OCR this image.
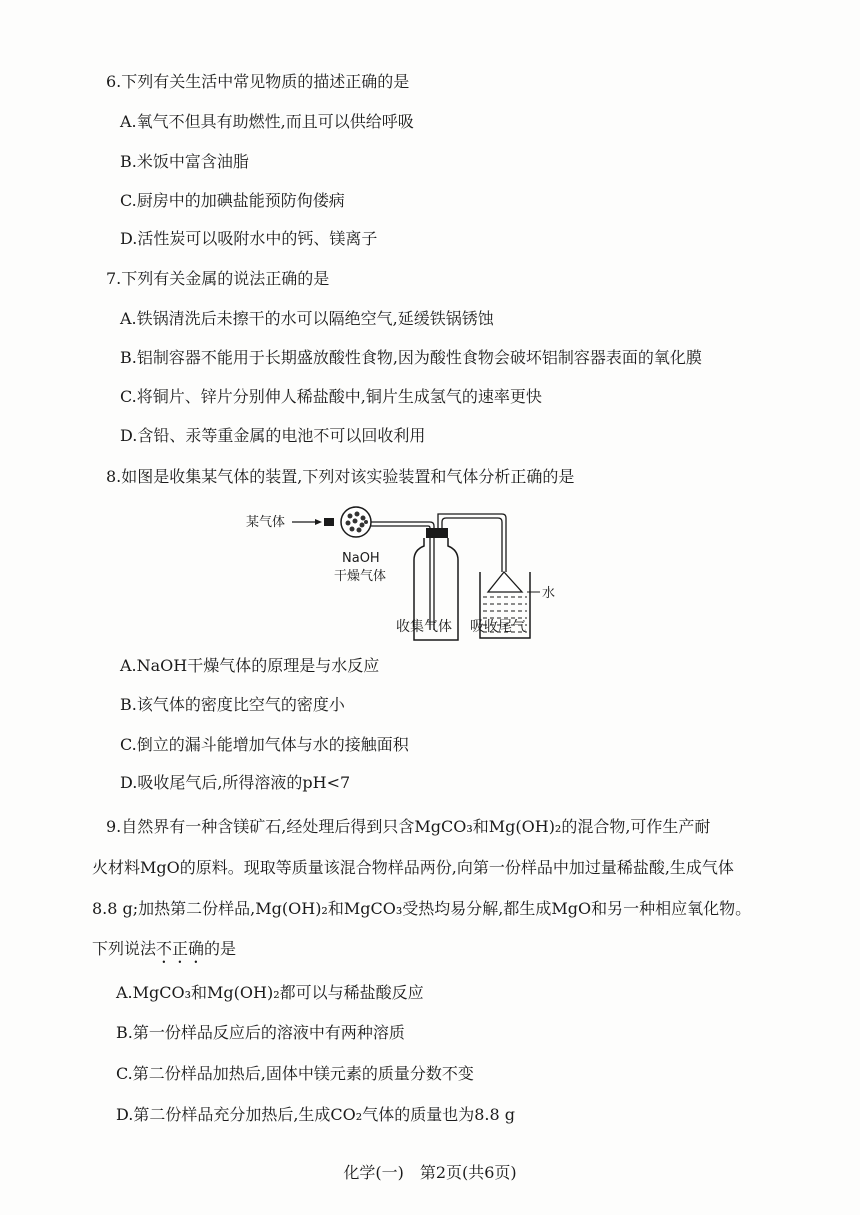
6.下列有关生活中常见物质的描述正确的是
A.氧气不但具有助燃性,而且可以供给呼吸
B.米饭中富含油脂
C.厨房中的加碘盐能预防佝偻病
D.活性炭可以吸附水中的钙、镁离子
7.下列有关金属的说法正确的是
A.铁锅清洗后未擦干的水可以隔绝空气,延缓铁锅锈蚀
B.铝制容器不能用于长期盛放酸性食物,因为酸性食物会破坏铝制容器表面的氧化膜
C.将铜片、锌片分别伸人稀盐酸中,铜片生成氢气的速率更快
D.含铅、汞等重金属的电池不可以回收利用
8.如图是收集某气体的装置,下列对该实验装置和气体分析正确的是
某气体
NaOH
干燥气体
水
收集气体 吸收尾气
A.NaOH干燥气体的原理是与水反应
B.该气体的密度比空气的密度小
C.倒立的漏斗能增加气体与水的接触面积
D.吸收尾气后,所得溶液的pH<7
9.自然界有一种含镁矿石,经处理后得到只含MgCO₃和Mg(OH)₂的混合物,可作生产耐
火材料MgO的原料。现取等质量该混合物样品两份,向第一份样品中加过量稀盐酸,生成气体
8.8 g;加热第二份样品,Mg(OH)₂和MgCO₃受热均易分解,都生成MgO和另一种相应氧化物。
下列说法不正确的是
A.MgCO₃和Mg(OH)₂都可以与稀盐酸反应
B.第一份样品反应后的溶液中有两种溶质
C.第二份样品加热后,固体中镁元素的质量分数不变
D.第二份样品充分加热后,生成CO₂气体的质量也为8.8 g
化学(一)　第2页(共6页)
